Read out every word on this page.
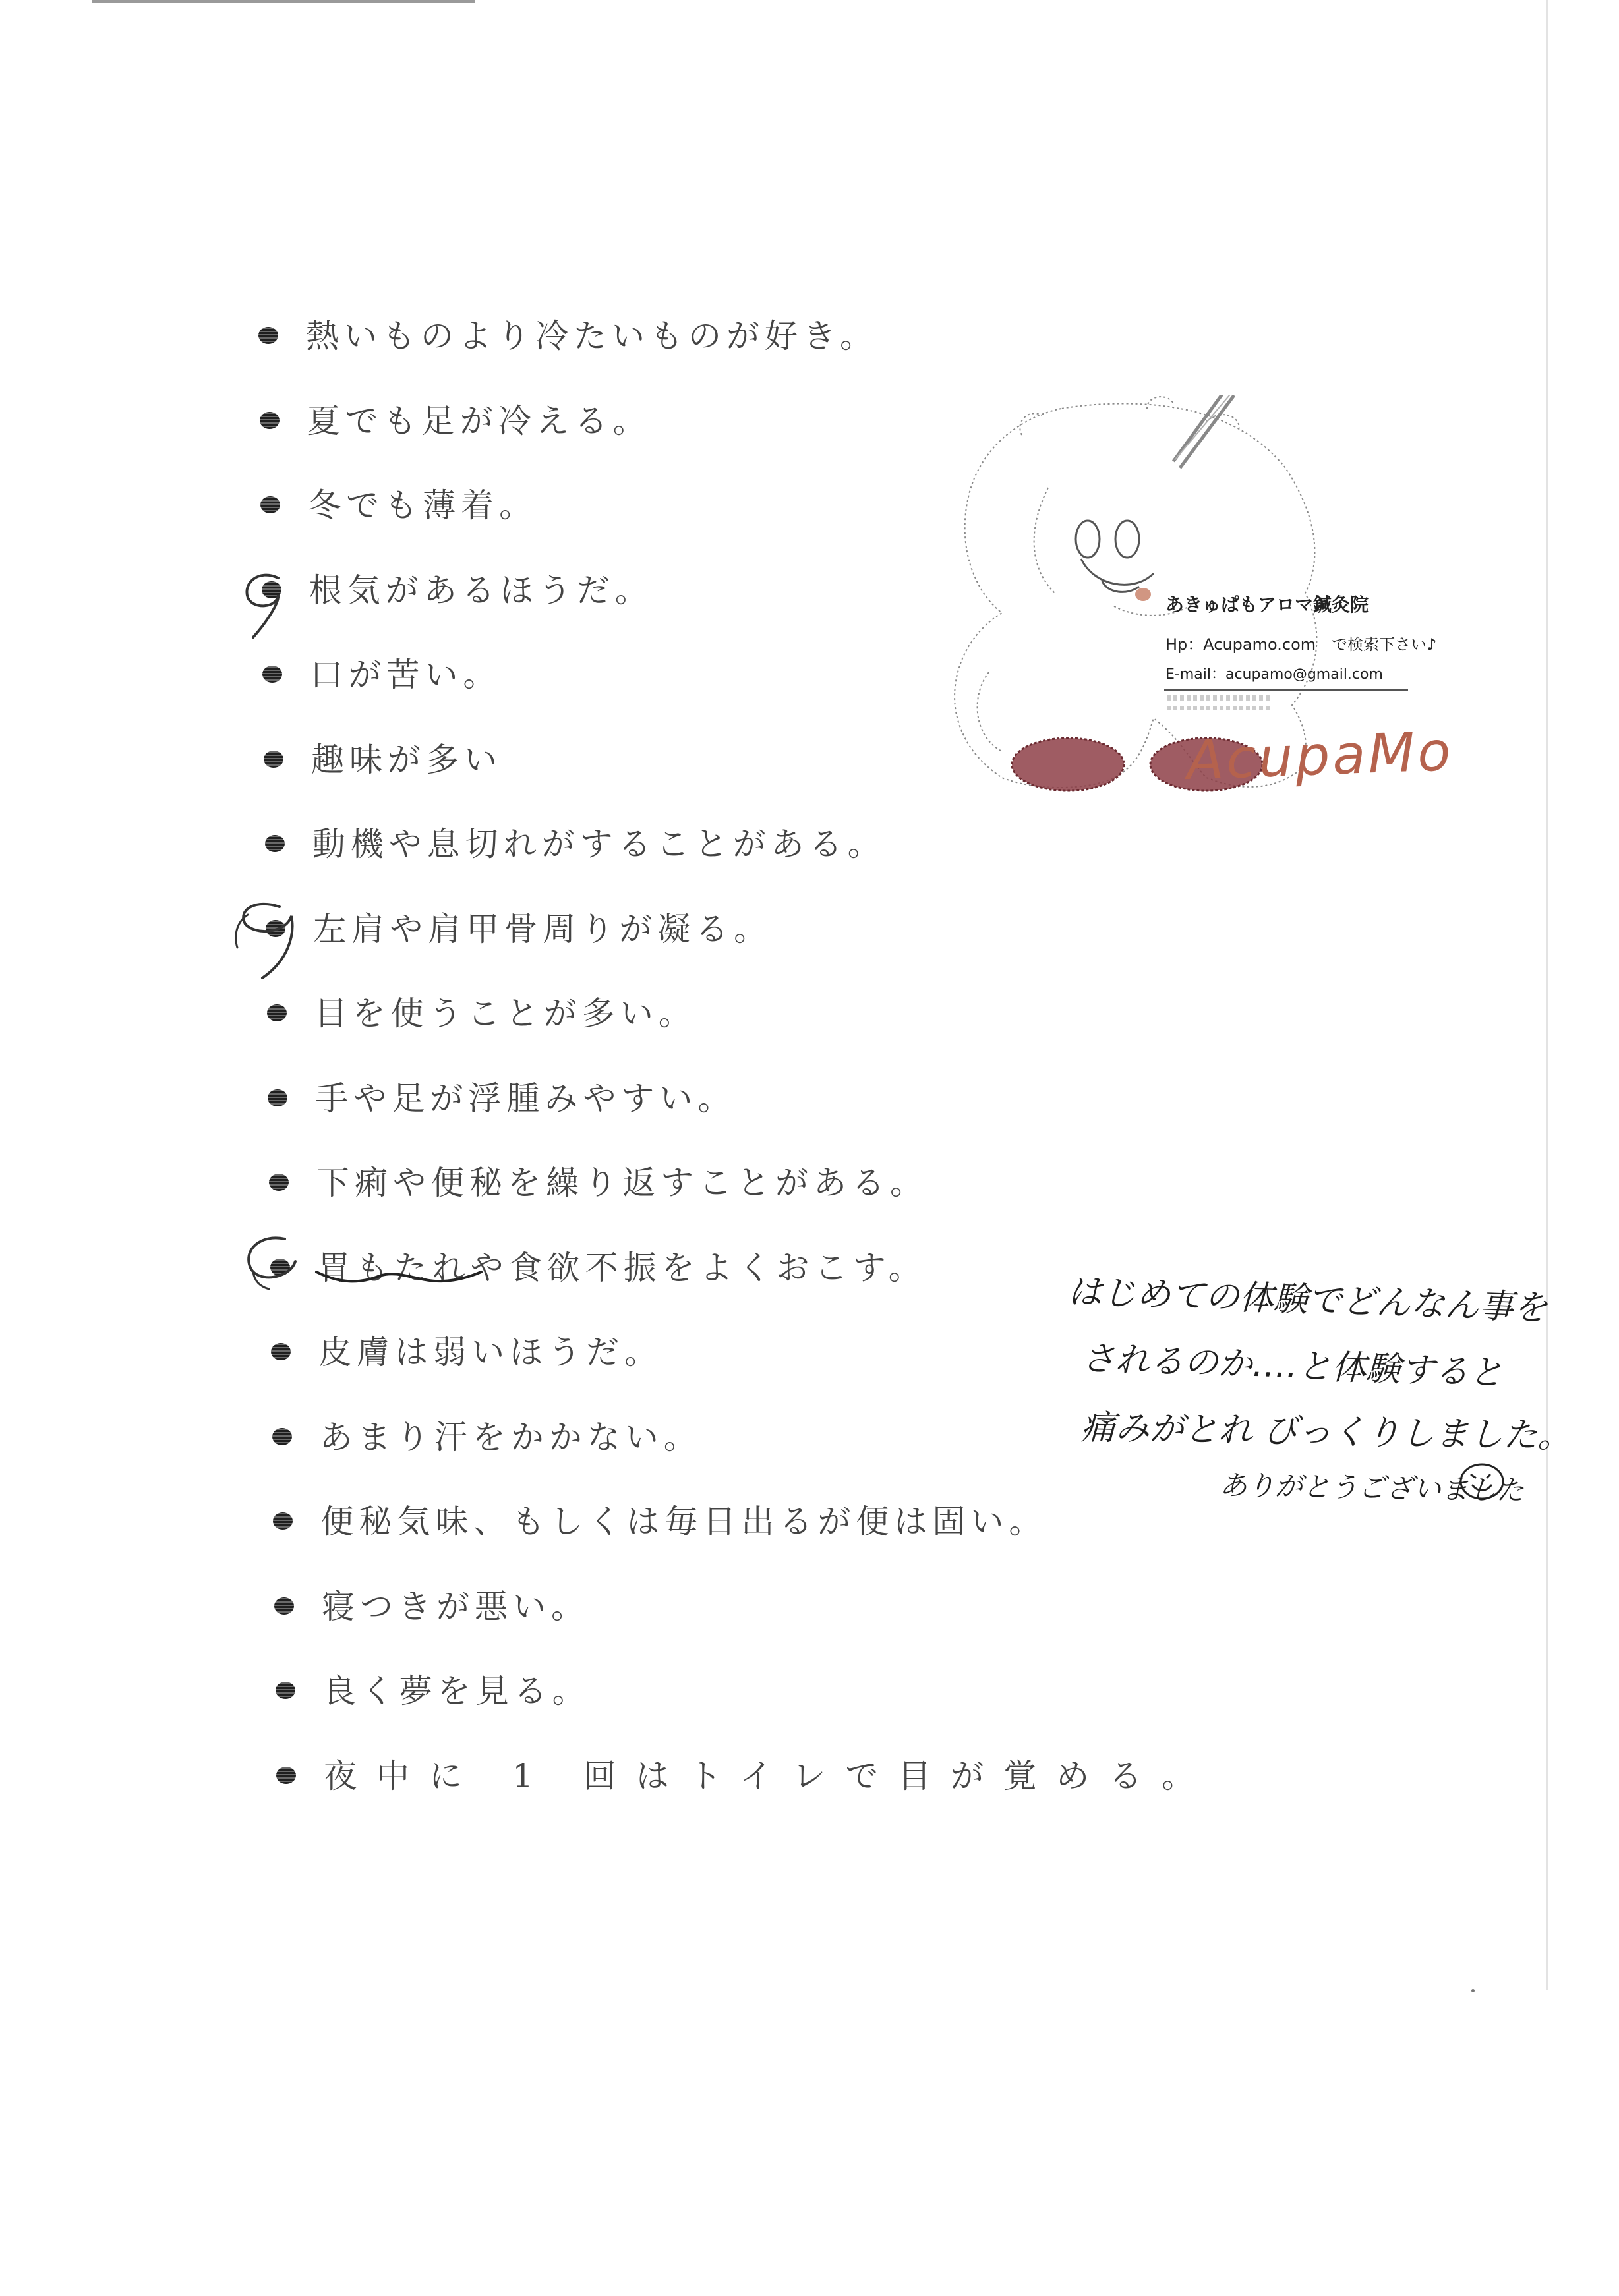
熱いものより冷たいものが好き。
夏でも足が冷える。
冬でも薄着。
根気があるほうだ。
口が苦い。
趣味が多い
動機や息切れがすることがある。
左肩や肩甲骨周りが凝る。
目を使うことが多い。
手や足が浮腫みやすい。
下痢や便秘を繰り返すことがある。
胃もたれや食欲不振をよくおこす。
皮膚は弱いほうだ。
あまり汗をかかない。
便秘気味、もしくは毎日出るが便は固い。
寝つきが悪い。
良く夢を見る。
夜中に 1 回はトイレで目が覚める。
あきゅぱもアロマ鍼灸院
Hp：Acupamo.com　で検索下さい♪
E-mail：acupamo@gmail.com
AcupaMo
はじめての体験でどんなん事を
されるのか….と体験すると
痛みがとれ びっくりしました。
ありがとうございました
